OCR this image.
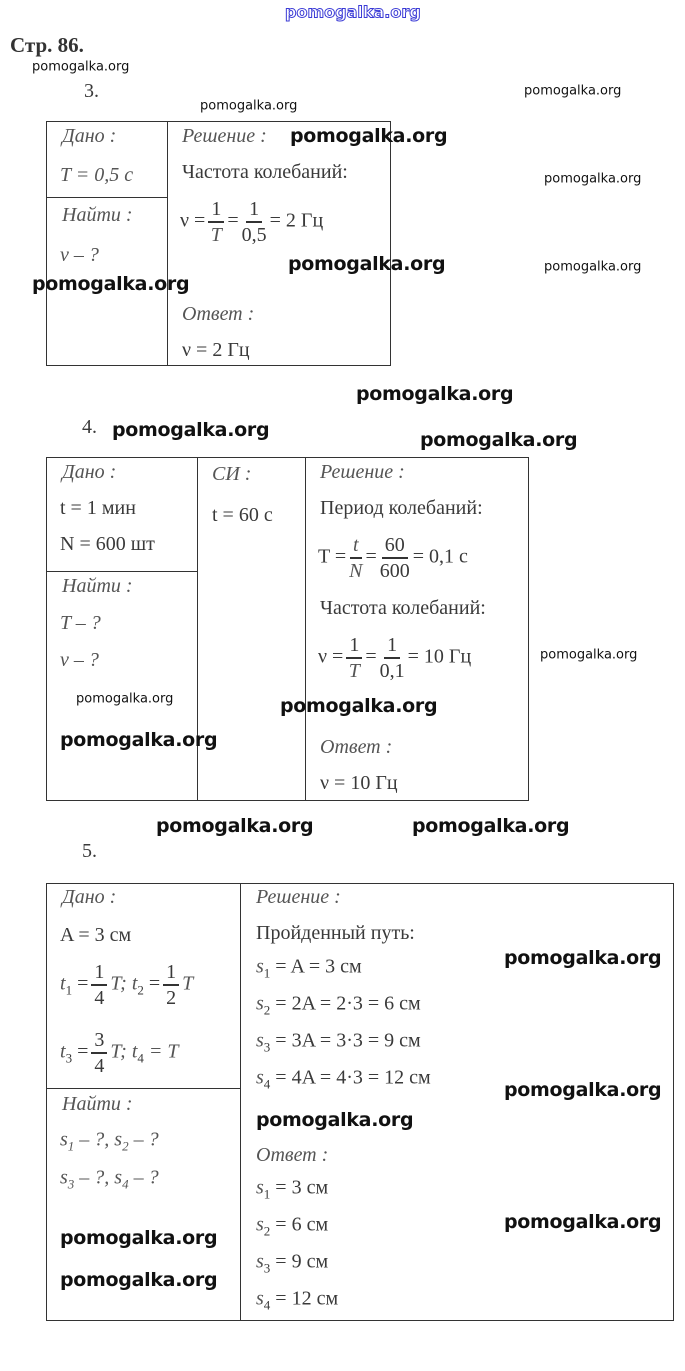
pomogalka.org
Стр. 86.
3.
Дано :
T = 0,5 с
Найти :
ν – ?
Решение :
Частота колебаний:
$\nu = \frac{1}{T} = \frac{1}{0,5} = 2$ Гц
Ответ :
ν = 2 Гц
4.
Дано :
t = 1 мин
N = 600 шт
Найти :
T – ?
ν – ?
СИ :
t = 60 с
Решение :
Период колебаний:
$T = \frac{t}{N} = \frac{60}{600} = 0,1$ с
Частота колебаний:
$\nu = \frac{1}{T} = \frac{1}{0,1} = 10$ Гц
Ответ :
ν = 10 Гц
5.
Дано :
A = 3 см
$t_1 = \frac{1}{4} T$; $t_2 = \frac{1}{2}$ T
$t_3 = \frac{3}{4} T$; $t_4 = T$
Найти :
$s_1$ – ?, $s_2$ – ?
$s_3$ – ?, $s_4$ – ?
Решение :
Пройденный путь:
$s_1 = A = 3$ см
$s_2 = 2A = 2\cdot 3 = 6$ см
$s_3 = 3A = 3\cdot 3 = 9$ см
$s_4 = 4A = 4\cdot 3 = 12$ см
Ответ :
$s_1 = 3$ см
$s_2 = 6$ см
$s_3 = 9$ см
$s_4 = 12$ см
pomogalka.org
pomogalka.org
pomogalka.org
pomogalka.org
pomogalka.org
pomogalka.org
pomogalka.org
pomogalka.org
pomogalka.org
pomogalka.org
pomogalka.org
pomogalka.org	pomogalka.org
pomogalka.org
pomogalka.org
pomogalka.org	pomogalka.org
pomogalka.org
pomogalka.org
pomogalka.org
pomogalka.org
pomogalka.org
pomogalka.org
